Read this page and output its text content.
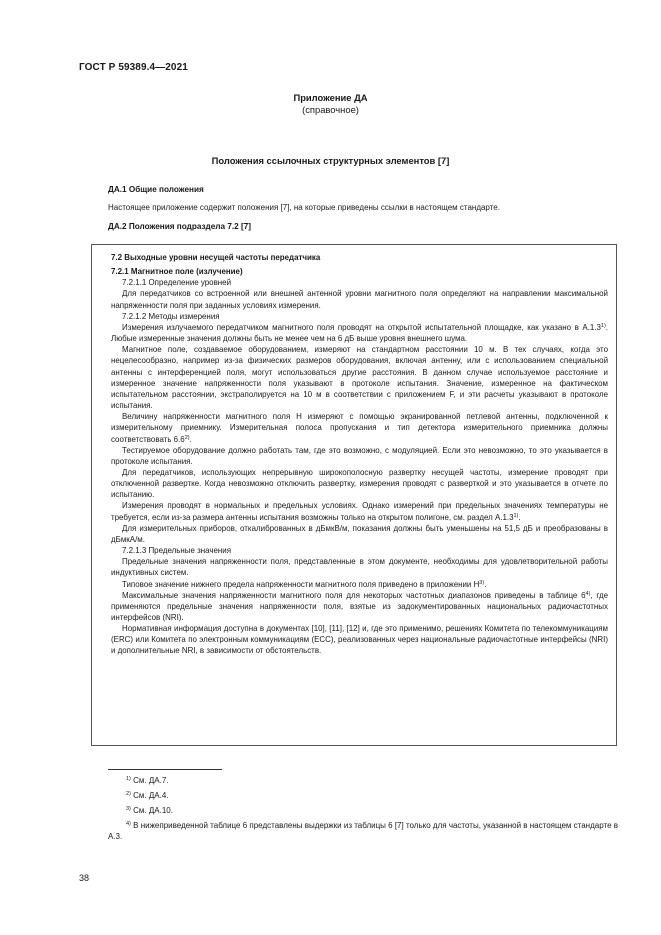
ГОСТ Р 59389.4—2021
Приложение ДА
(справочное)
Положения ссылочных структурных элементов [7]
ДА.1 Общие положения
Настоящее приложение содержит положения [7], на которые приведены ссылки в настоящем стандарте.
ДА.2 Положения подраздела 7.2 [7]

7.2 Выходные уровни несущей частоты передатчика

7.2.1 Магнитное поле (излучение)

7.2.1.1 Определение уровней

Для передатчиков со встроенной или внешней антенной уровни магнитного поля определяют на направлении максимальной напряженности поля при заданных условиях измерения.

7.2.1.2 Методы измерения

Измерения излучаемого передатчиком магнитного поля проводят на открытой испытательной площадке, как указано в А.1.3$^{1)}$. Любые измеренные значения должны быть не менее чем на 6 дБ выше уровня внешнего шума.

Магнитное поле, создаваемое оборудованием, измеряют на стандартном расстоянии 10 м. В тех случаях, когда это нецелесообразно, например из-за физических размеров оборудования, включая антенну, или с использованием специальной антенны с интерференцией поля, могут использоваться другие расстояния. В данном случае используемое расстояние и измеренное значение напряженности поля указывают в протоколе испытания. Значение, измеренное на фактическом испытательном расстоянии, экстраполируется на 10 м в соответствии с приложением F, и эти расчеты указывают в протоколе испытания.

Величину напряженности магнитного поля H измеряют с помощью экранированной петлевой антенны, подключенной к измерительному приемнику. Измерительная полоса пропускания и тип детектора измерительного приемника должны соответствовать 6.6$^{2)}$.

Тестируемое оборудование должно работать там, где это возможно, с модуляцией. Если это невозможно, то это указывается в протоколе испытания.

Для передатчиков, использующих непрерывную широкополосную развертку несущей частоты, измерение проводят при отключенной развертке. Когда невозможно отключить развертку, измерения проводят с разверткой и это указывается в отчете по испытанию.

Измерения проводят в нормальных и предельных условиях. Однако измерений при предельных значениях температуры не требуется, если из-за размера антенны испытания возможны только на открытом полигоне, см. раздел А.1.3$^{1)}$.

Для измерительных приборов, откалиброванных в дБмкВ/м, показания должны быть уменьшены на 51,5 дБ и преобразованы в дБмкА/м.

7.2.1.3 Предельные значения

Предельные значения напряженности поля, представленные в этом документе, необходимы для удовлетворительной работы индуктивных систем.

Типовое значение нижнего предела напряженности магнитного поля приведено в приложении $H^{3)}$.

Максимальные значения напряженности магнитного поля для некоторых частотных диапазонов приведены в таблице 6$^{4)}$, где применяются предельные значения напряженности поля, взятые из задокументированных национальных радиочастотных интерфейсов (NRI).

Нормативная информация доступна в документах [10], [11], [12] и, где это применимо, решениях Комитета по телекоммуникациям (ERC) или Комитета по электронным коммуникациям (ECC), реализованных через национальные радиочастотные интерфейсы (NRI) и дополнительные NRI, в зависимости от обстоятельств.

$^{1)}$ См. ДА.7.
$^{2)}$ См. ДА.4.
$^{3)}$ См. ДА.10.
$^{4)}$ В нижеприведенной таблице 6 представлены выдержки из таблицы 6 [7] только для частоты, указанной в настоящем стандарте в А.3.
38
